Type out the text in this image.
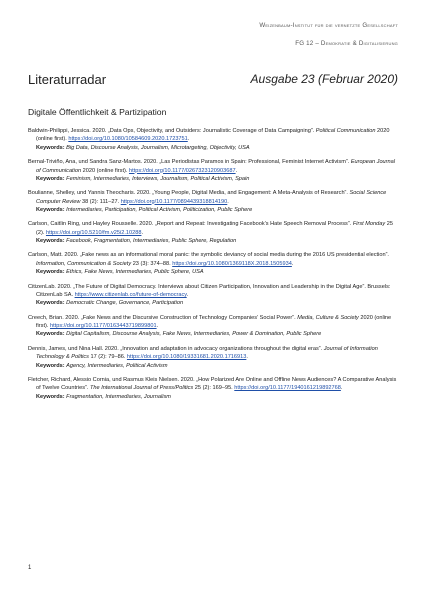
Weizenbaum-Institut für die vernetzte Gesellschaft
FG 12 – Demokratie & Digitalisierung
Literaturradar	Ausgabe 23 (Februar 2020)
Digitale Öffentlichkeit & Partizipation
Baldwin-Philippi, Jessica. 2020. „Data Ops, Objectivity, and Outsiders: Journalistic Coverage of Data Campaigning“. Political Communication 2020 (online first). https://doi.org/10.1080/10584609.2020.1723751.
Keywords: Big Data, Discourse Analysis, Journalism, Microtargeting, Objectivity, USA
Bernal-Triviño, Ana, und Sandra Sanz-Martos. 2020. „Las Periodistas Paramos in Spain: Professional, Feminist Internet Activism“. European Journal of Communication 2020 (online first). https://doi.org/10.1177/0267323120903687.
Keywords: Feminism, Intermediaries, Interviews, Journalism, Political Activism, Spain
Boulianne, Shelley, und Yannis Theocharis. 2020. „Young People, Digital Media, and Engagement: A Meta-Analysis of Research“. Social Science Computer Review 38 (2): 111–27. https://doi.org/10.1177/0894439318814190.
Keywords: Intermediaries, Participation, Political Activism, Politicization, Public Sphere
Carlson, Caitlin Ring, und Hayley Rousselle. 2020. „Report and Repeat: Investigating Facebook’s Hate Speech Removal Process“. First Monday 25 (2). https://doi.org/10.5210/fm.v25i2.10288.
Keywords: Facebook, Fragmentation, Intermediaries, Public Sphere, Regulation
Carlson, Matt. 2020. „Fake news as an informational moral panic: the symbolic deviancy of social media during the 2016 US presidential election“. Information, Communication & Society 23 (3): 374–88. https://doi.org/10.1080/1369118X.2018.1505934.
Keywords: Ethics, Fake News, Intermediaries, Public Sphere, USA
CitizenLab. 2020. „The Future of Digital Democracy. Interviews about Citizen Participation, Innovation and Leadership in the Digital Age“. Brussels: CitizenLab SA. https://www.citizenlab.co/future-of-democracy.
Keywords: Democratic Change, Governance, Participation
Creech, Brian. 2020. „Fake News and the Discursive Construction of Technology Companies’ Social Power“. Media, Culture & Society 2020 (online first). https://doi.org/10.1177/0163443719899801.
Keywords: Digital Capitalism, Discourse Analysis, Fake News, Intermediaries, Power & Domination, Public Sphere
Dennis, James, und Nina Hall. 2020. „Innovation and adaptation in advocacy organizations throughout the digital eras“. Journal of Information Technology & Politics 17 (2): 79–86. https://doi.org/10.1080/19331681.2020.1716913.
Keywords: Agency, Intermediaries, Political Activism
Fletcher, Richard, Alessio Cornia, und Rasmus Kleis Nielsen. 2020. „How Polarized Are Online and Offline News Audiences? A Comparative Analysis of Twelve Countries“. The International Journal of Press/Politics 25 (2): 169–95. https://doi.org/10.1177/1940161219892768.
Keywords: Fragmentation, Intermediaries, Journalism
1
